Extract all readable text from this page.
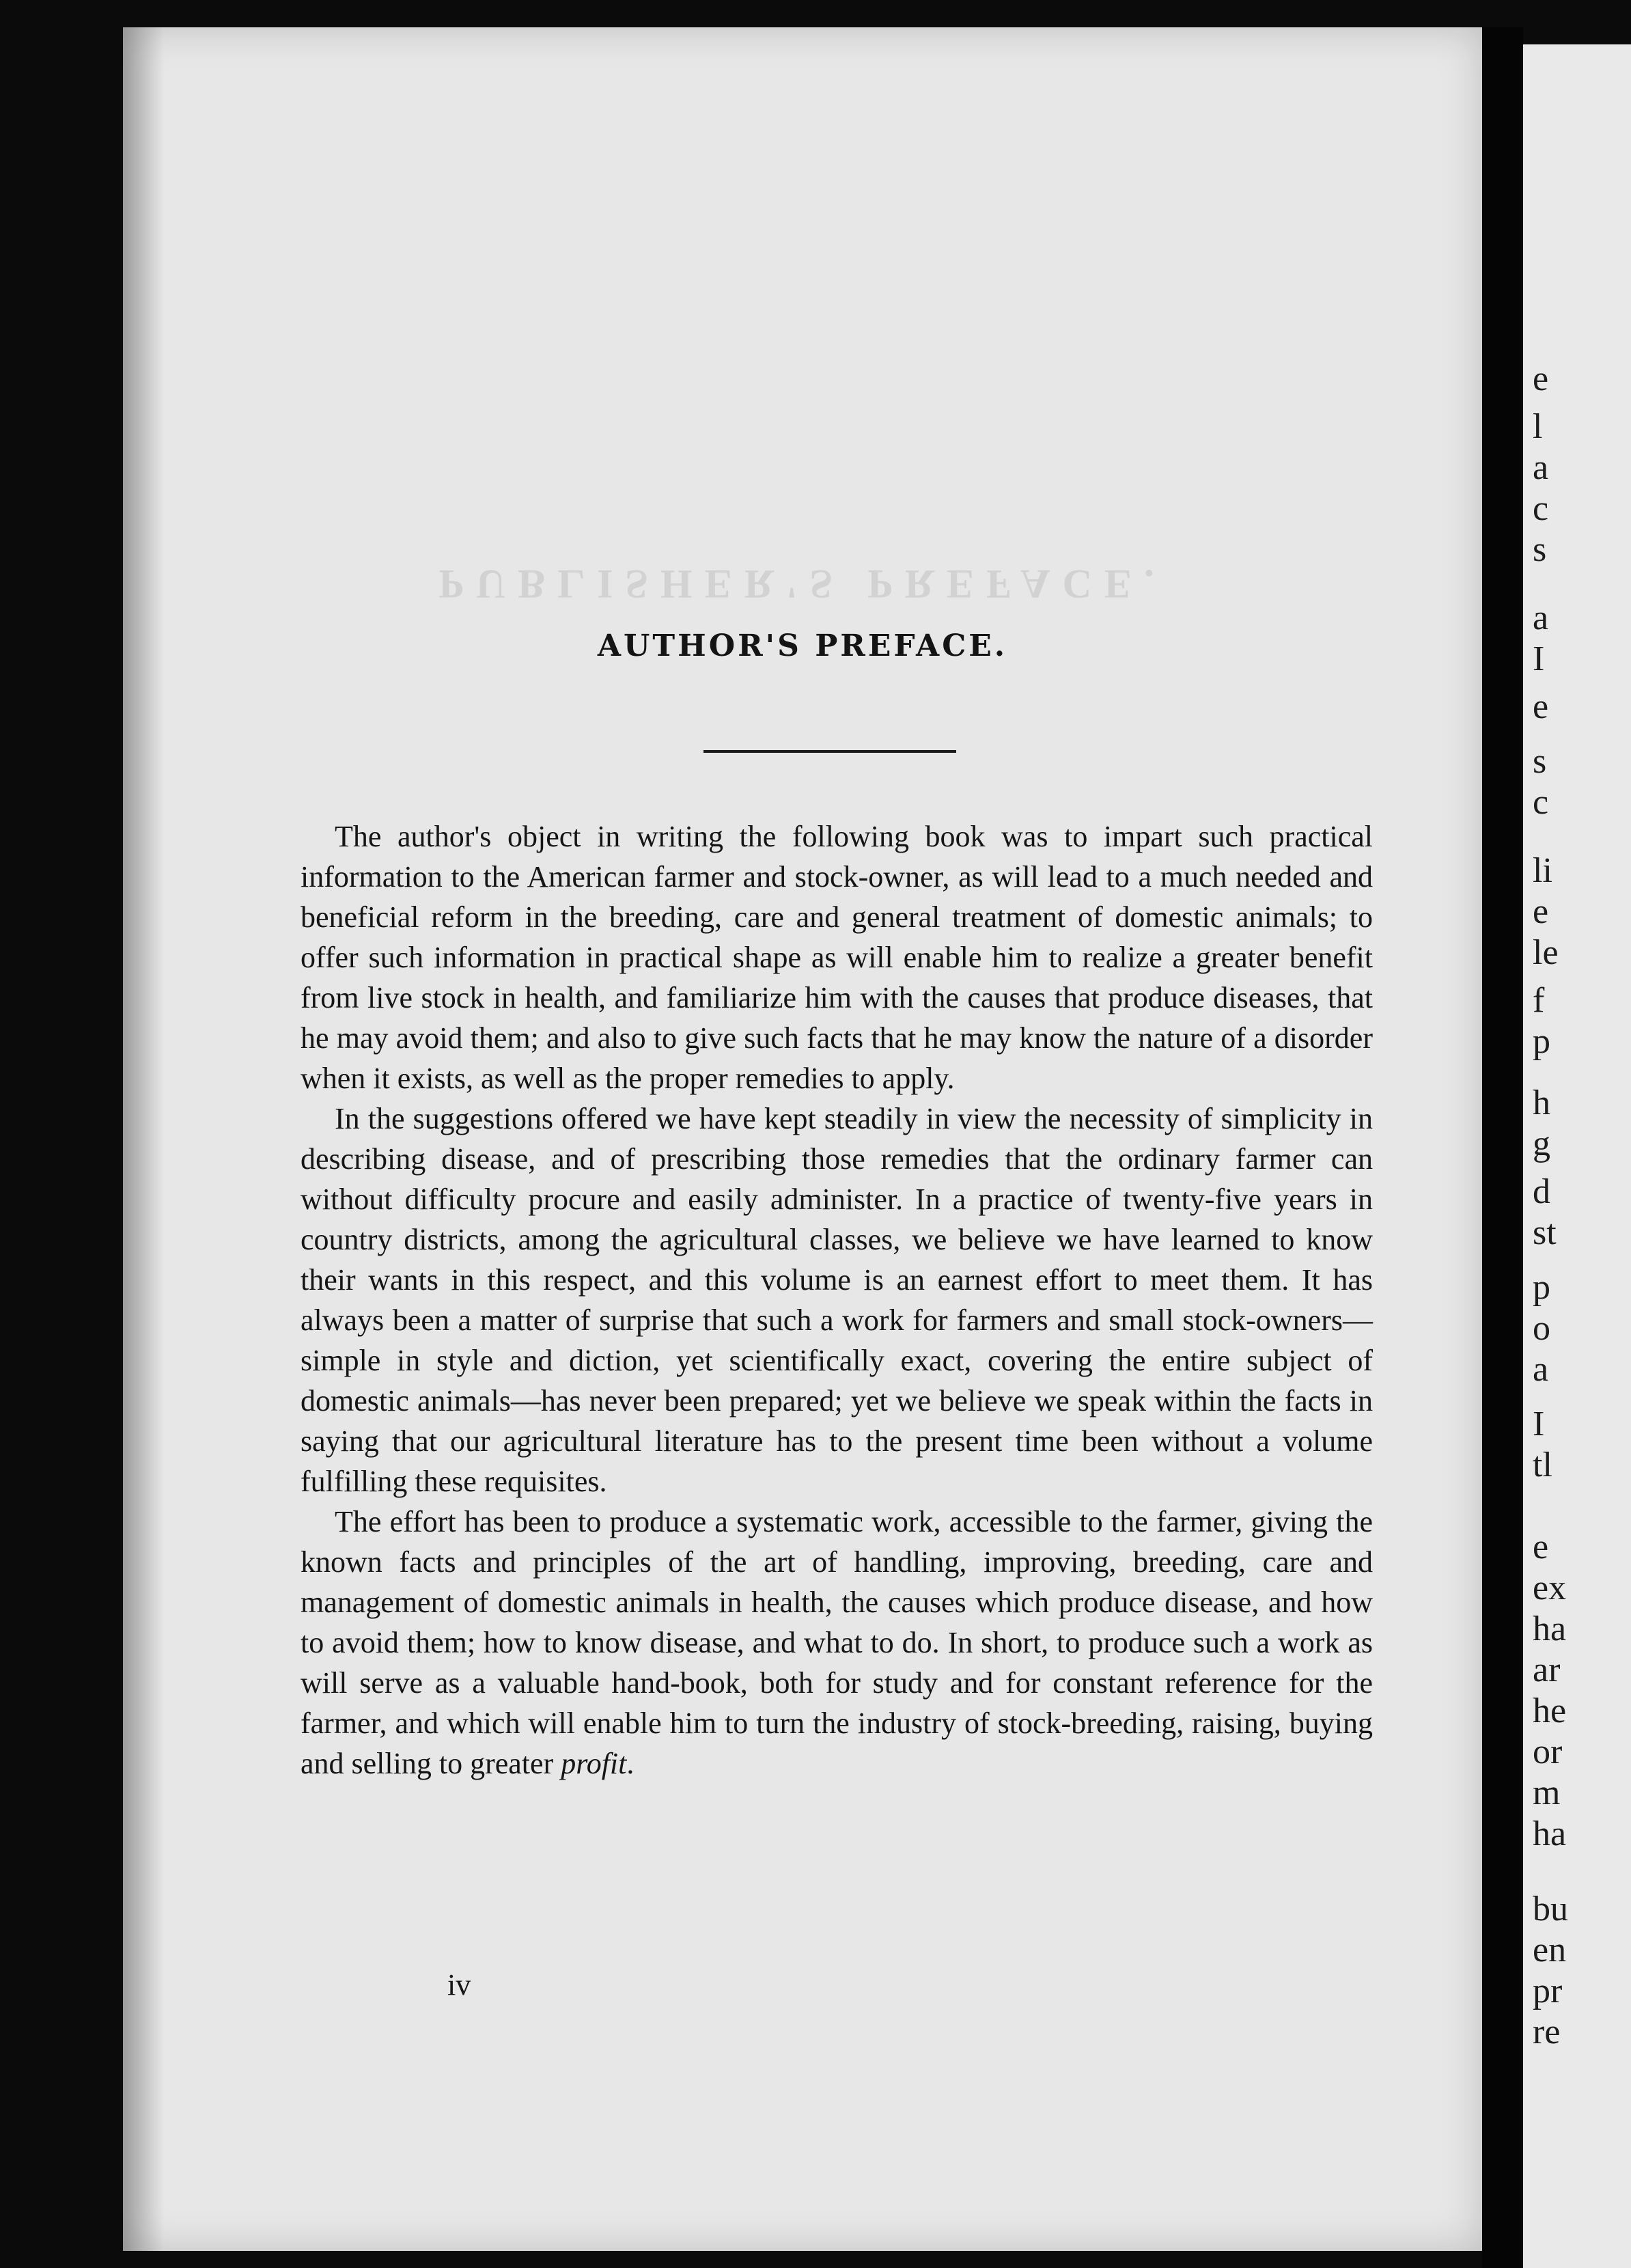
e
l
a
c
s
a
I
e
s
c
li
e
le
f
p
h
g
d
st
p
o
a
I
tl
e
ex
ha
ar
he
or
m
ha
bu
en
pr
re
PUBLISHER'S PREFACE.
AUTHOR'S PREFACE.

The author's object in writing the following book was to impart such practical information to the American farmer and stock-owner, as will lead to a much needed and beneficial reform in the breeding, care and general treatment of domestic animals; to offer such information in practical shape as will enable him to realize a greater benefit from live stock in health, and familiarize him with the causes that produce diseases, that he may avoid them; and also to give such facts that he may know the nature of a disorder when it exists, as well as the proper remedies to apply.

In the suggestions offered we have kept steadily in view the necessity of simplicity in describing disease, and of prescribing those remedies that the ordinary farmer can without difficulty procure and easily administer. In a practice of twenty-five years in country districts, among the agricultural classes, we believe we have learned to know their wants in this respect, and this volume is an earnest effort to meet them. It has always been a matter of surprise that such a work for farmers and small stock-owners—simple in style and diction, yet scientifically exact, covering the entire subject of domestic animals—has never been prepared; yet we believe we speak within the facts in saying that our agricultural literature has to the present time been without a volume fulfilling these requisites.

The effort has been to produce a systematic work, accessible to the farmer, giving the known facts and principles of the art of handling, improving, breeding, care and management of domestic animals in health, the causes which produce disease, and how to avoid them; how to know disease, and what to do. In short, to produce such a work as will serve as a valuable hand-book, both for study and for constant reference for the farmer, and which will enable him to turn the industry of stock-breeding, raising, buying and selling to greater profit.

iv
